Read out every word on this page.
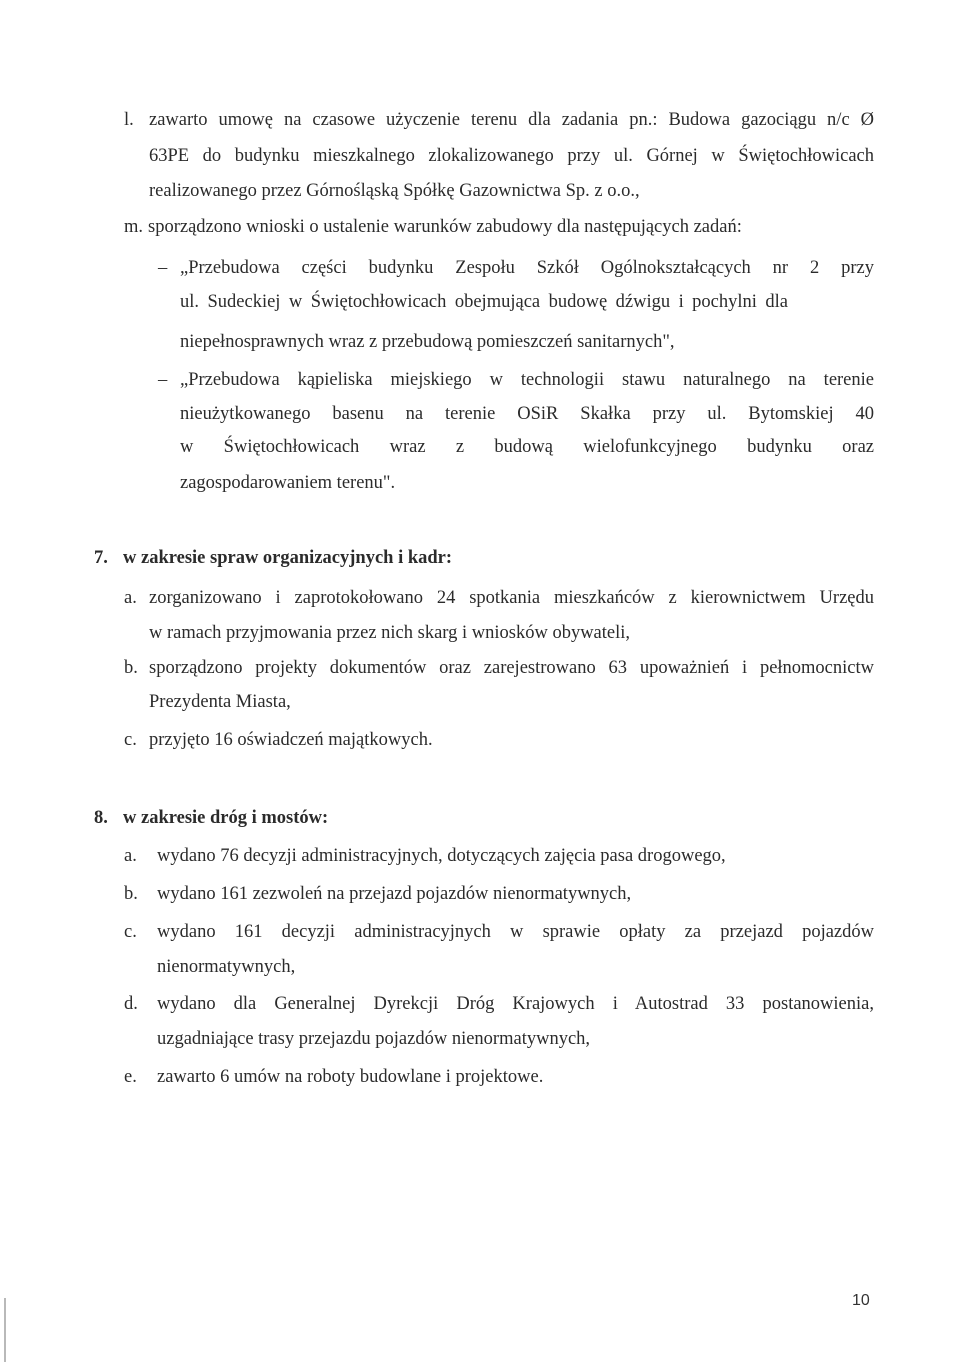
l. zawarto umowę na czasowe użyczenie terenu dla zadania pn.: Budowa gazociągu n/c Ø
63PE do budynku mieszkalnego zlokalizowanego przy ul. Górnej w Świętochłowicach
realizowanego przez Górnośląską Spółkę Gazownictwa Sp. z o.o.,
m. sporządzono wnioski o ustalenie warunków zabudowy dla następujących zadań:
– „Przebudowa części budynku Zespołu Szkół Ogólnokształcących nr 2 przy
ul. Sudeckiej w Świętochłowicach obejmująca budowę dźwigu i pochylni dla
niepełnosprawnych wraz z przebudową pomieszczeń sanitarnych",
– „Przebudowa kąpieliska miejskiego w technologii stawu naturalnego na terenie
nieużytkowanego basenu na terenie OSiR Skałka przy ul. Bytomskiej 40
w Świętochłowicach wraz z budową wielofunkcyjnego budynku oraz
zagospodarowaniem terenu".
7. w zakresie spraw organizacyjnych i kadr:
a. zorganizowano i zaprotokołowano 24 spotkania mieszkańców z kierownictwem Urzędu
w ramach przyjmowania przez nich skarg i wniosków obywateli,
b. sporządzono projekty dokumentów oraz zarejestrowano 63 upoważnień i pełnomocnictw
Prezydenta Miasta,
c. przyjęto 16 oświadczeń majątkowych.
8. w zakresie dróg i mostów:
a. wydano 76 decyzji administracyjnych, dotyczących zajęcia pasa drogowego,
b. wydano 161 zezwoleń na przejazd pojazdów nienormatywnych,
c. wydano 161 decyzji administracyjnych w sprawie opłaty za przejazd pojazdów
nienormatywnych,
d. wydano dla Generalnej Dyrekcji Dróg Krajowych i Autostrad 33 postanowienia,
uzgadniające trasy przejazdu pojazdów nienormatywnych,
e. zawarto 6 umów na roboty budowlane i projektowe.
10
